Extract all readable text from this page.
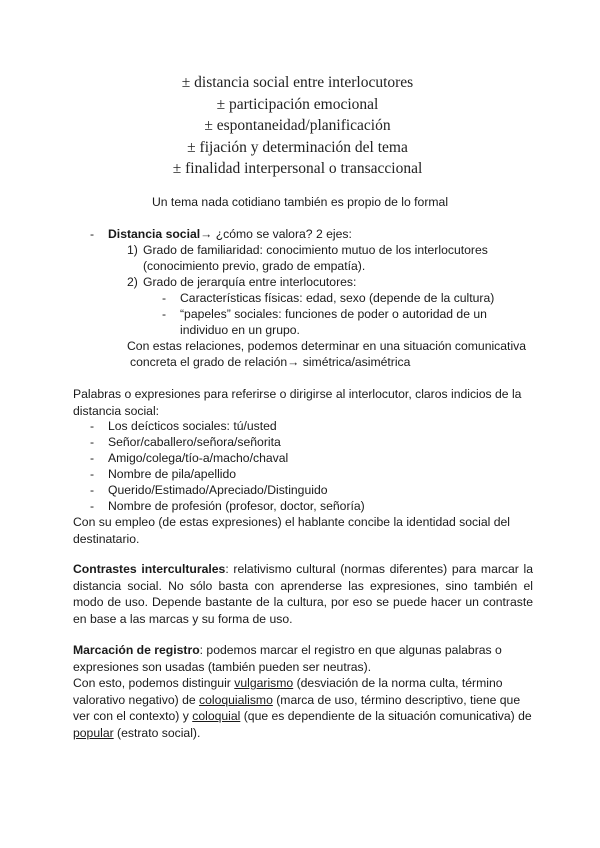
± distancia social entre interlocutores
± participación emocional
± espontaneidad/planificación
± fijación y determinación del tema
± finalidad interpersonal o transaccional
Un tema nada cotidiano también es propio de lo formal
- Distancia social→ ¿cómo se valora? 2 ejes:
1) Grado de familiaridad: conocimiento mutuo de los interlocutores
(conocimiento previo, grado de empatía).
2) Grado de jerarquía entre interlocutores:
- Características físicas: edad, sexo (depende de la cultura)
- “papeles” sociales: funciones de poder o autoridad de un
individuo en un grupo.
Con estas relaciones, podemos determinar en una situación comunicativa
concreta el grado de relación→ simétrica/asimétrica
Palabras o expresiones para referirse o dirigirse al interlocutor, claros indicios de la distancia social:
- Los deícticos sociales: tú/usted
- Señor/caballero/señora/señorita
- Amigo/colega/tío-a/macho/chaval
- Nombre de pila/apellido
- Querido/Estimado/Apreciado/Distinguido
- Nombre de profesión (profesor, doctor, señoría)
Con su empleo (de estas expresiones) el hablante concibe la identidad social del destinatario.
Contrastes interculturales: relativismo cultural (normas diferentes) para marcar la distancia social. No sólo basta con aprenderse las expresiones, sino también el modo de uso. Depende bastante de la cultura, por eso se puede hacer un contraste en base a las marcas y su forma de uso.
Marcación de registro: podemos marcar el registro en que algunas palabras o expresiones son usadas (también pueden ser neutras).
Con esto, podemos distinguir vulgarismo (desviación de la norma culta, término valorativo negativo) de coloquialismo (marca de uso, término descriptivo, tiene que ver con el contexto) y coloquial (que es dependiente de la situación comunicativa) de popular (estrato social).
